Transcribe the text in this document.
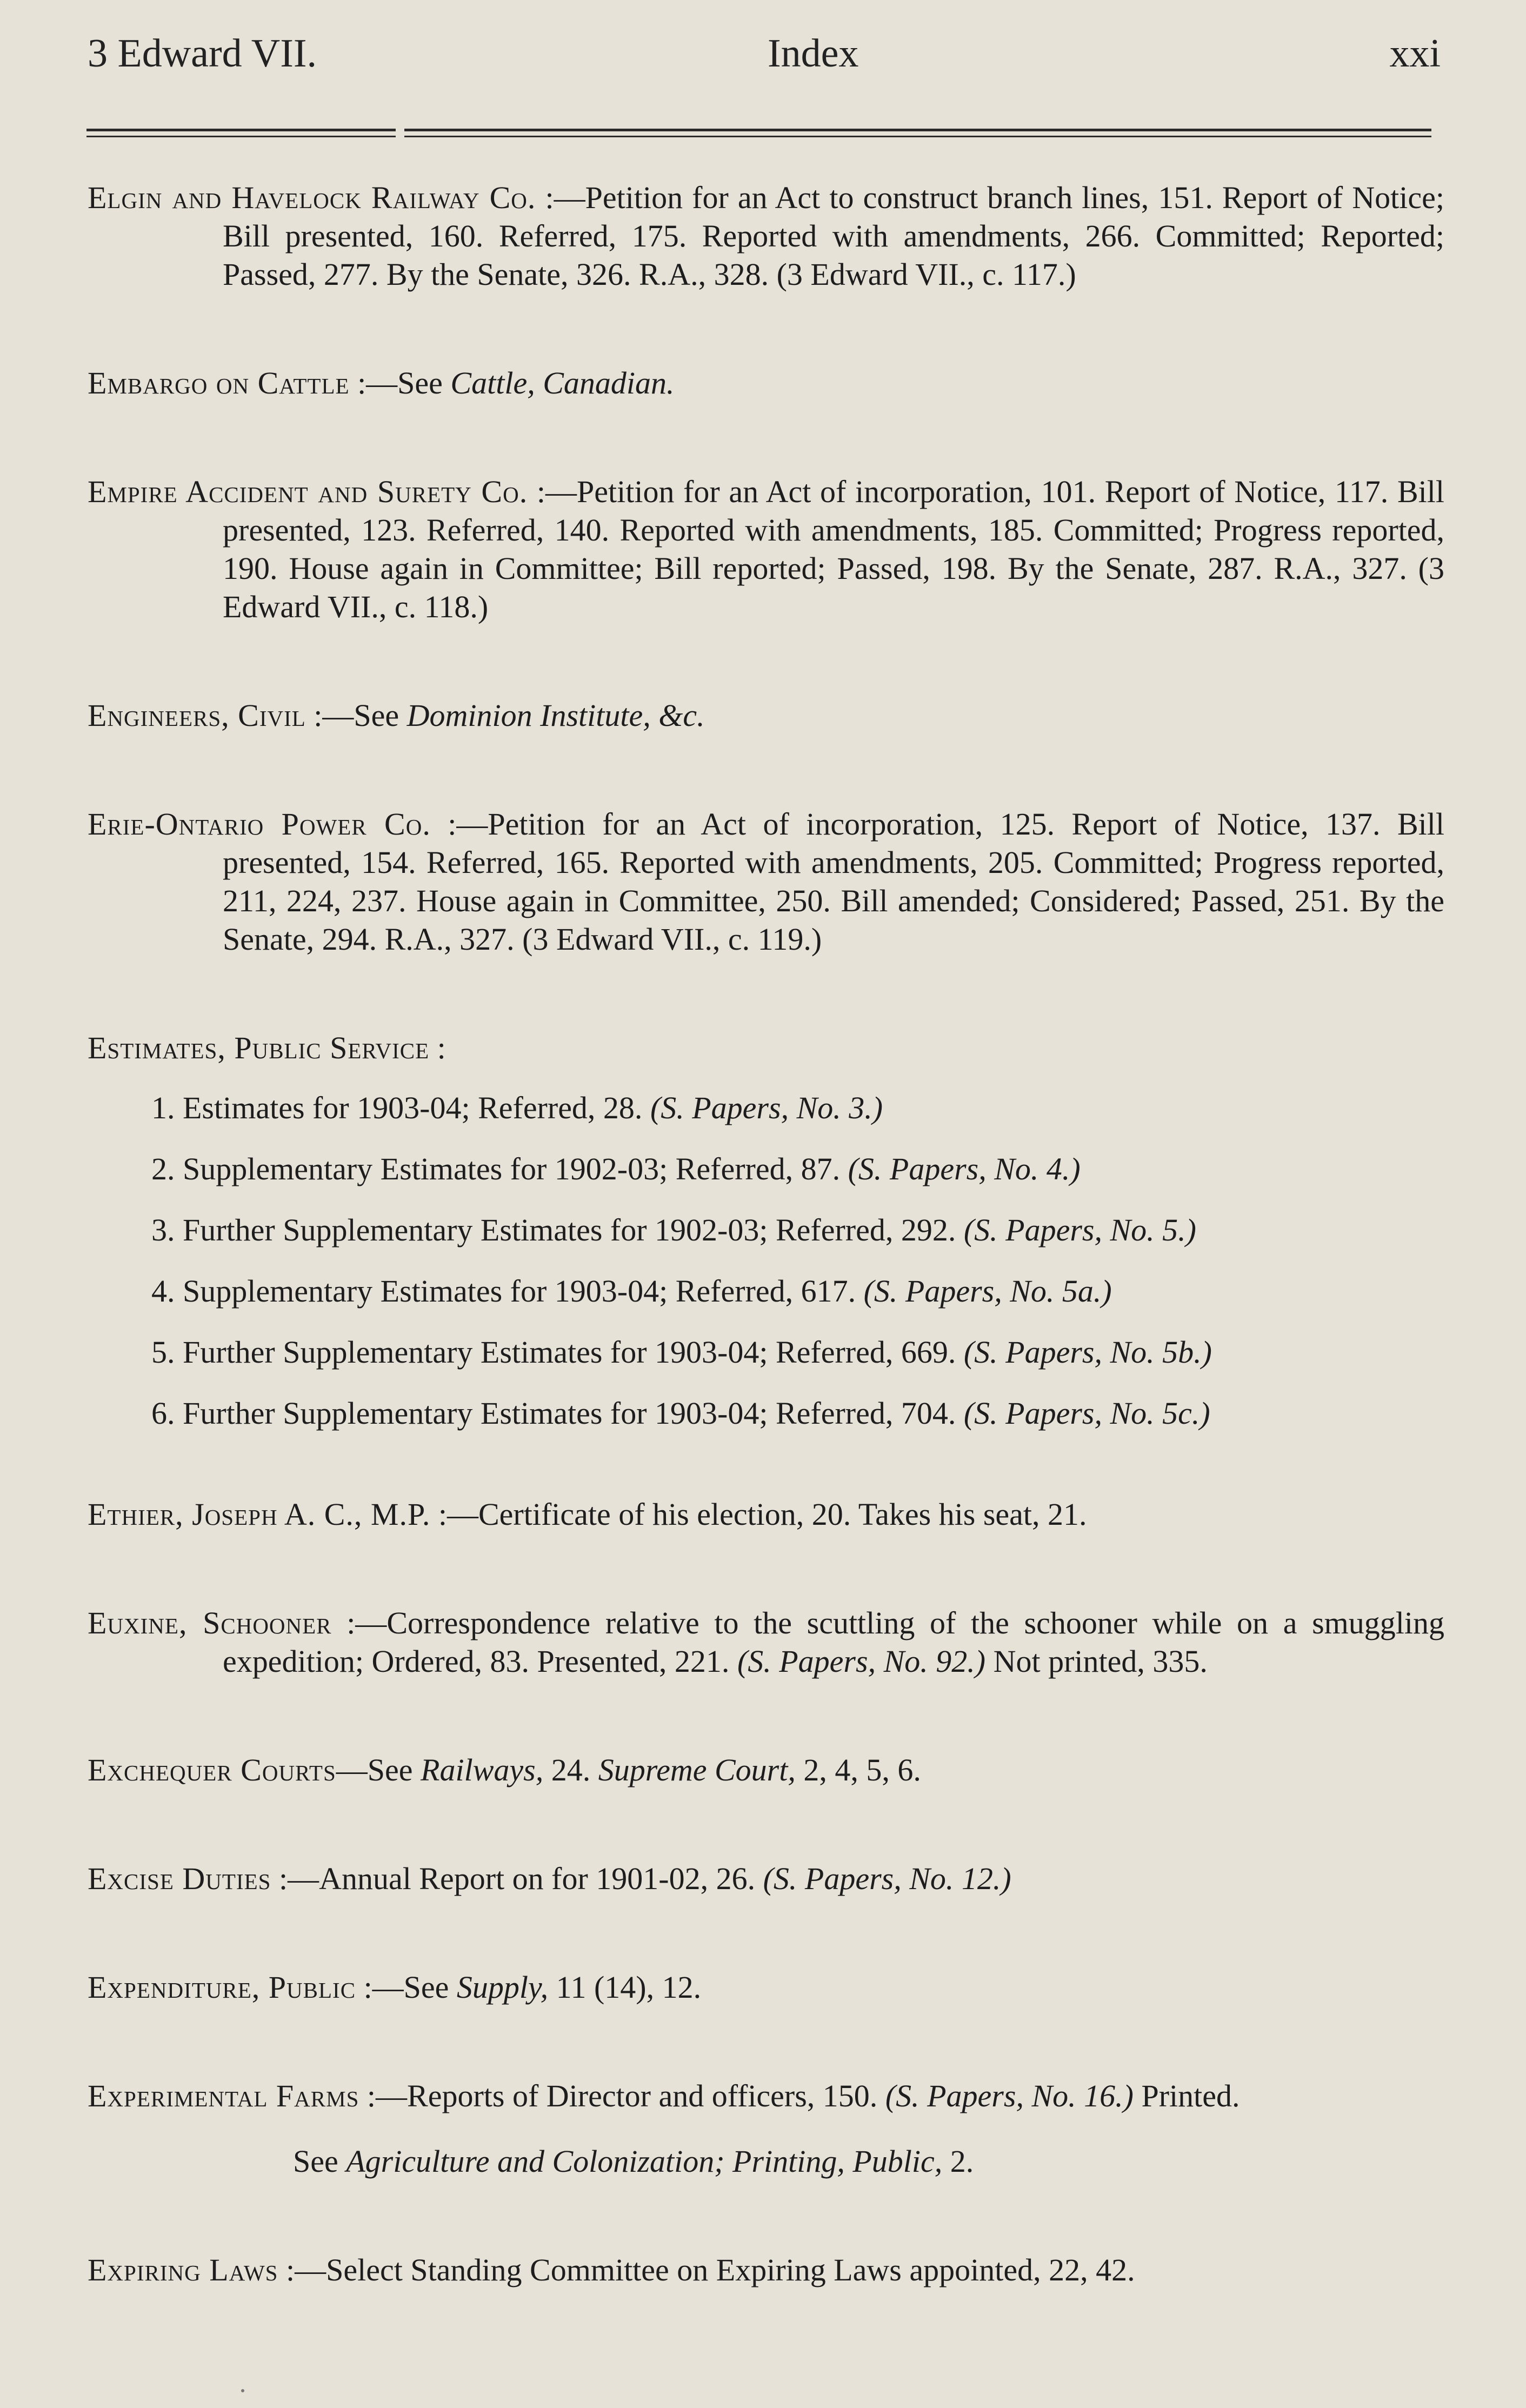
3 Edward VII.	Index	xxi

Elgin and Havelock Railway Co. :—Petition for an Act to construct branch lines, 151. Report of Notice; Bill presented, 160. Referred, 175. Reported with amendments, 266. Committed; Reported; Passed, 277. By the Senate, 326. R.A., 328. (3 Edward VII., c. 117.)

Embargo on Cattle :—See Cattle, Canadian.

Empire Accident and Surety Co. :—Petition for an Act of incorporation, 101. Report of Notice, 117. Bill presented, 123. Referred, 140. Reported with amendments, 185. Committed; Progress reported, 190. House again in Committee; Bill reported; Passed, 198. By the Senate, 287. R.A., 327. (3 Edward VII., c. 118.)

Engineers, Civil :—See Dominion Institute, &c.

Erie-Ontario Power Co. :—Petition for an Act of incorporation, 125. Report of Notice, 137. Bill presented, 154. Referred, 165. Reported with amendments, 205. Committed; Progress reported, 211, 224, 237. House again in Committee, 250. Bill amended; Considered; Passed, 251. By the Senate, 294. R.A., 327. (3 Edward VII., c. 119.)

Estimates, Public Service :

1. Estimates for 1903-04; Referred, 28. (S. Papers, No. 3.)

2. Supplementary Estimates for 1902-03; Referred, 87. (S. Papers, No. 4.)

3. Further Supplementary Estimates for 1902-03; Referred, 292. (S. Papers, No. 5.)

4. Supplementary Estimates for 1903-04; Referred, 617. (S. Papers, No. 5a.)

5. Further Supplementary Estimates for 1903-04; Referred, 669. (S. Papers, No. 5b.)

6. Further Supplementary Estimates for 1903-04; Referred, 704. (S. Papers, No. 5c.)

Ethier, Joseph A. C., M.P. :—Certificate of his election, 20. Takes his seat, 21.

Euxine, Schooner :—Correspondence relative to the scuttling of the schooner while on a smuggling expedition; Ordered, 83. Presented, 221. (S. Papers, No. 92.) Not printed, 335.

Exchequer Courts—See Railways, 24. Supreme Court, 2, 4, 5, 6.

Excise Duties :—Annual Report on for 1901-02, 26. (S. Papers, No. 12.)

Expenditure, Public :—See Supply, 11 (14), 12.

Experimental Farms :—Reports of Director and officers, 150. (S. Papers, No. 16.) Printed.

See Agriculture and Colonization; Printing, Public, 2.

Expiring Laws :—Select Standing Committee on Expiring Laws appointed, 22, 42.
